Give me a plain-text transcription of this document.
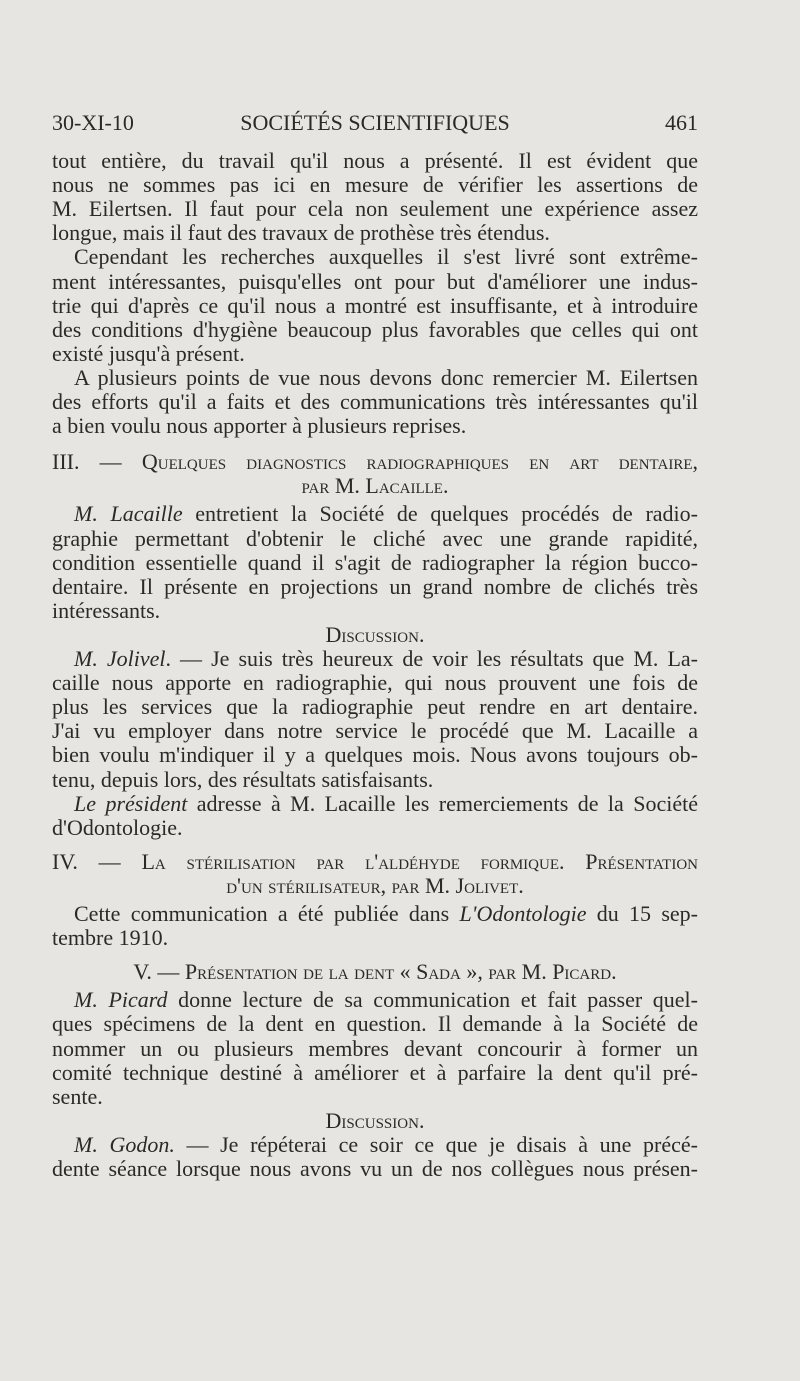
30-XI-10	SOCIÉTÉS SCIENTIFIQUES	461
tout entière, du travail qu'il nous a présenté. Il est évident que
nous ne sommes pas ici en mesure de vérifier les assertions de
M. Eilertsen. Il faut pour cela non seulement une expérience assez
longue, mais il faut des travaux de prothèse très étendus.
Cependant les recherches auxquelles il s'est livré sont extrême-
ment intéressantes, puisqu'elles ont pour but d'améliorer une indus-
trie qui d'après ce qu'il nous a montré est insuffisante, et à introduire
des conditions d'hygiène beaucoup plus favorables que celles qui ont
existé jusqu'à présent.
A plusieurs points de vue nous devons donc remercier M. Eilertsen
des efforts qu'il a faits et des communications très intéressantes qu'il
a bien voulu nous apporter à plusieurs reprises.
III. — Quelques diagnostics radiographiques en art dentaire,
par M. Lacaille.
M. Lacaille entretient la Société de quelques procédés de radio-
graphie permettant d'obtenir le cliché avec une grande rapidité,
condition essentielle quand il s'agit de radiographer la région bucco-
dentaire. Il présente en projections un grand nombre de clichés très
intéressants.
Discussion.
M. Jolivel. — Je suis très heureux de voir les résultats que M. La-
caille nous apporte en radiographie, qui nous prouvent une fois de
plus les services que la radiographie peut rendre en art dentaire.
J'ai vu employer dans notre service le procédé que M. Lacaille a
bien voulu m'indiquer il y a quelques mois. Nous avons toujours ob-
tenu, depuis lors, des résultats satisfaisants.
Le président adresse à M. Lacaille les remerciements de la Société
d'Odontologie.
IV. — La stérilisation par l'aldéhyde formique. Présentation
d'un stérilisateur, par M. Jolivet.
Cette communication a été publiée dans L'Odontologie du 15 sep-
tembre 1910.
V. — Présentation de la dent « Sada », par M. Picard.
M. Picard donne lecture de sa communication et fait passer quel-
ques spécimens de la dent en question. Il demande à la Société de
nommer un ou plusieurs membres devant concourir à former un
comité technique destiné à améliorer et à parfaire la dent qu'il pré-
sente.
Discussion.
M. Godon. — Je répéterai ce soir ce que je disais à une précé-
dente séance lorsque nous avons vu un de nos collègues nous présen-
